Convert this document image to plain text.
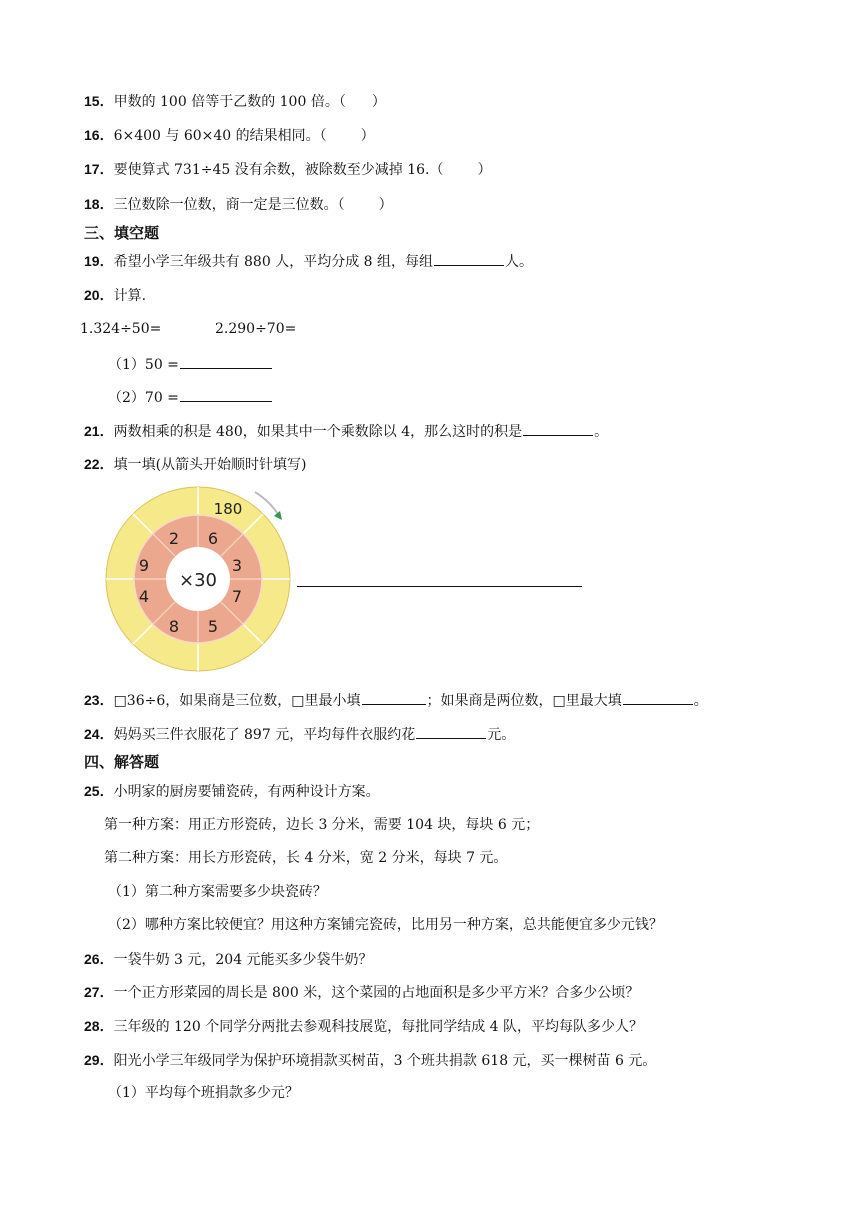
15．甲数的 100 倍等于乙数的 100 倍。（ ）
16．6×400 与 60×40 的结果相同。（ ）
17．要使算式 731÷45 没有余数，被除数至少减掉 16.（ ）
18．三位数除一位数，商一定是三位数。（ ）
三、填空题
19．希望小学三年级共有 880 人，平均分成 8 组，每组	人。
20．计算.
1.324÷50=	2.290÷70=
（1）50 =
（2）70 =
21．两数相乘的积是 480，如果其中一个乘数除以 4，那么这时的积是	。
22．填一填(从箭头开始顺时针填写)
×30
180
2 6
3
7
5
8
4
9
23．□36÷6，如果商是三位数，□里最小填	；如果商是两位数，□里最大填	。
24．妈妈买三件衣服花了 897 元，平均每件衣服约花	元。
四、解答题
25．小明家的厨房要铺瓷砖，有两种设计方案。
第一种方案：用正方形瓷砖，边长 3 分米，需要 104 块，每块 6 元；
第二种方案：用长方形瓷砖，长 4 分米，宽 2 分米，每块 7 元。
（1）第二种方案需要多少块瓷砖？
（2）哪种方案比较便宜？用这种方案铺完瓷砖，比用另一种方案，总共能便宜多少元钱？
26．一袋牛奶 3 元，204 元能买多少袋牛奶？
27．一个正方形菜园的周长是 800 米，这个菜园的占地面积是多少平方米？合多少公顷？
28．三年级的 120 个同学分两批去参观科技展览，每批同学结成 4 队，平均每队多少人？
29．阳光小学三年级同学为保护环境捐款买树苗，3 个班共捐款 618 元，买一棵树苗 6 元。
（1）平均每个班捐款多少元？
